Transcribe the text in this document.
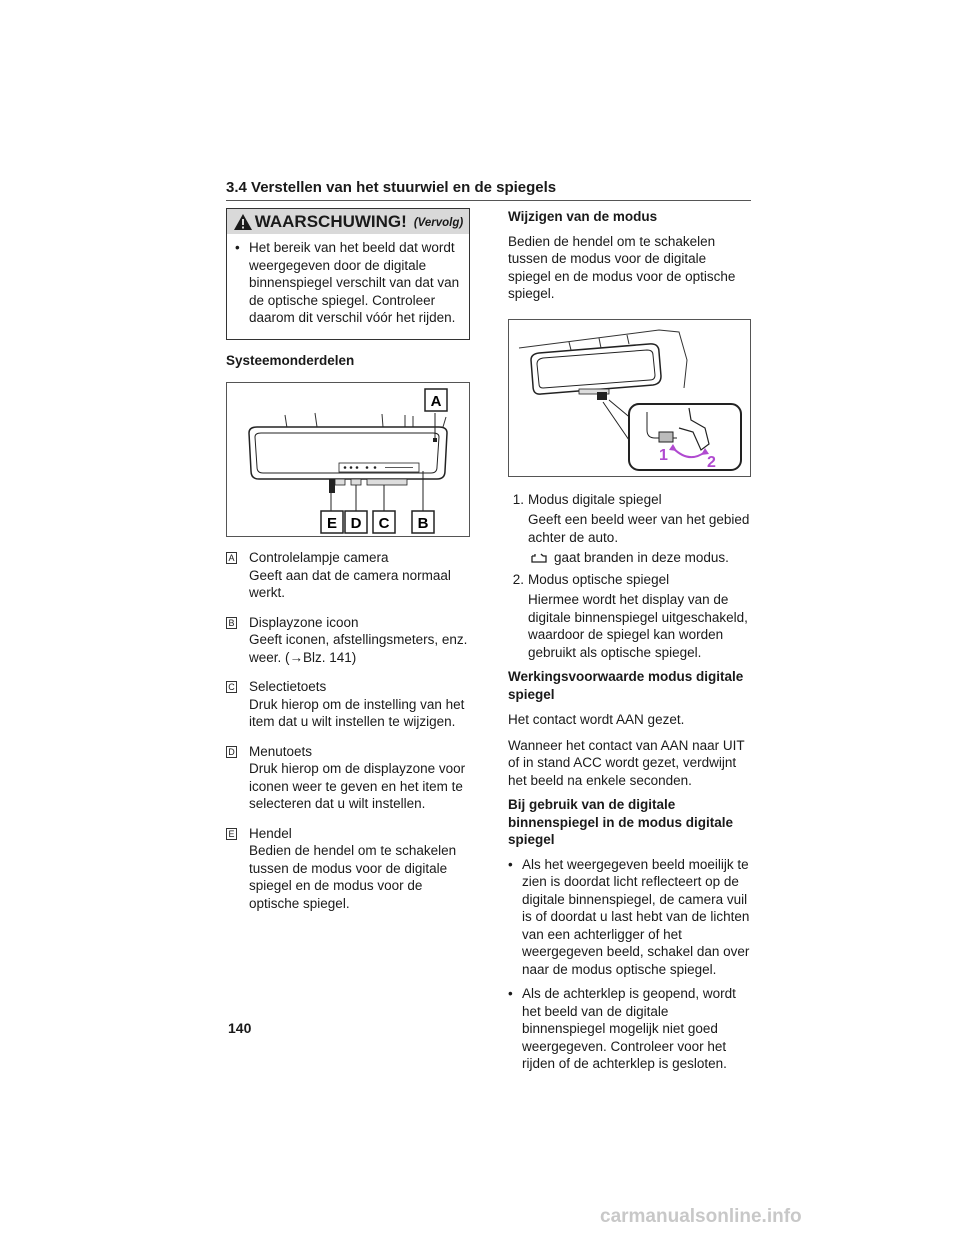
3.4 Verstellen van het stuurwiel en de spiegels
WAARSCHUWING! (Vervolg)
• Het bereik van het beeld dat wordt weergegeven door de digitale binnenspiegel verschilt van dat van de optische spiegel. Controleer daarom dit verschil vóór het rijden.
Systeemonderdelen
A
E D C B
A Controlelampje camera
Geeft aan dat de camera normaal werkt.
B Displayzone icoon
Geeft iconen, afstellingsmeters, enz. weer. (→Blz. 141)
C Selectietoets
Druk hierop om de instelling van het item dat u wilt instellen te wijzigen.
D Menutoets
Druk hierop om de displayzone voor iconen weer te geven en het item te selecteren dat u wilt instellen.
E Hendel
Bedien de hendel om te schakelen tussen de modus voor de digitale spiegel en de modus voor de optische spiegel.
Wijzigen van de modus

Bedien de hendel om te schakelen tussen de modus voor de digitale spiegel en de modus voor de optische spiegel.

1 2
1. Modus digitale spiegel
Geeft een beeld weer van het gebied achter de auto.
gaat branden in deze modus.
2. Modus optische spiegel
Hiermee wordt het display van de digitale binnenspiegel uitgeschakeld, waardoor de spiegel kan worden gebruikt als optische spiegel.
Werkingsvoorwaarde modus digitale spiegel

Het contact wordt AAN gezet.

Wanneer het contact van AAN naar UIT of in stand ACC wordt gezet, verdwijnt het beeld na enkele seconden.

Bij gebruik van de digitale binnenspiegel in de modus digitale spiegel
• Als het weergegeven beeld moeilijk te zien is doordat licht reflecteert op de digitale binnenspiegel, de camera vuil is of doordat u last hebt van de lichten van een achterligger of het weergegeven beeld, schakel dan over naar de modus optische spiegel.
• Als de achterklep is geopend, wordt het beeld van de digitale binnenspiegel mogelijk niet goed weergegeven. Controleer voor het rijden of de achterklep is gesloten.
140
carmanualsonline.info
